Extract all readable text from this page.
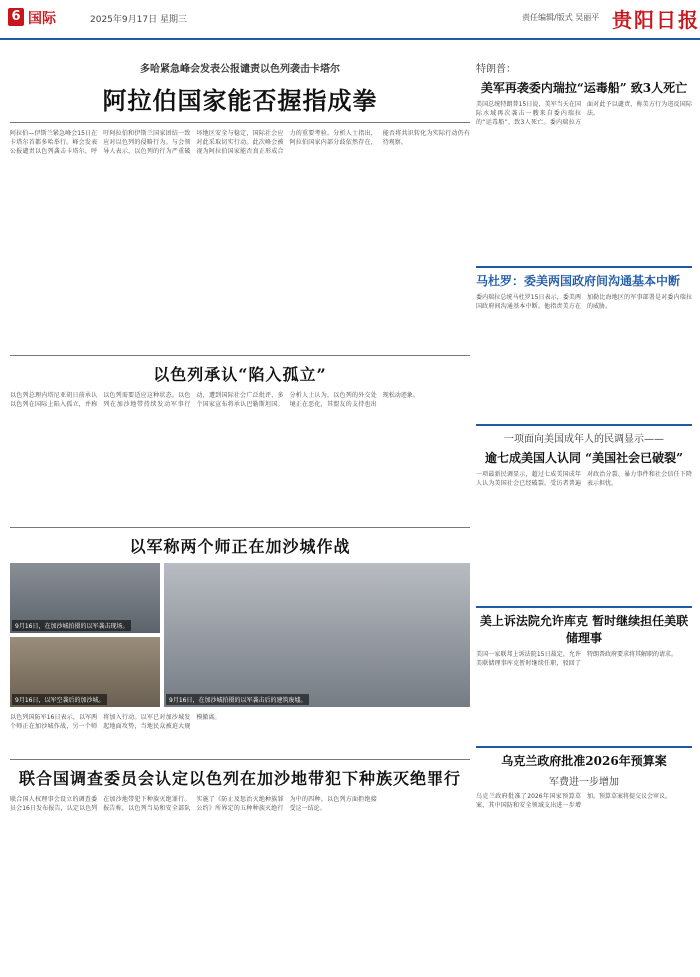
6 国际	2025年9月17日 星期三	责任编辑/版式 吴丽平 贵阳日报
多哈紧急峰会发表公报谴责以色列袭击卡塔尔
阿拉伯国家能否握指成拳
阿拉伯—伊斯兰紧急峰会15日在卡塔尔首都多哈举行。峰会发表公报谴责以色列袭击卡塔尔，呼吁阿拉伯和伊斯兰国家团结一致应对以色列的侵略行为。与会领导人表示，以色列的行为严重破坏地区安全与稳定，国际社会应对此采取切实行动。此次峰会被视为阿拉伯国家能否真正形成合力的重要考验。分析人士指出，阿拉伯国家内部分歧依然存在，能否将共识转化为实际行动仍有待观察。
以色列承认“陷入孤立”
以色列总理内塔尼亚胡日前承认以色列在国际上陷入孤立，并称以色列需要适应这种状态。以色列在加沙地带持续发动军事行动，遭到国际社会广泛批评，多个国家宣布将承认巴勒斯坦国。分析人士认为，以色列的外交处境正在恶化，其盟友的支持也出现松动迹象。
以军称两个师正在加沙城作战
9月16日，在加沙城拍摄的以军袭击现场。
9月16日，以军空袭后的加沙城。	9月16日，在加沙城拍摄的以军袭击后的建筑废墟。
以色列国防军16日表示，以军两个师正在加沙城作战，另一个师将加入行动。以军已对加沙城发起地面攻势，当地民众被迫大规模撤离。
联合国调查委员会认定以色列在加沙地带犯下种族灭绝罪行
联合国人权理事会设立的调查委员会16日发布报告，认定以色列在加沙地带犯下种族灭绝罪行。报告称，以色列当局和安全部队实施了《防止及惩治灭绝种族罪公约》所界定的五种种族灭绝行为中的四种。以色列方面拒绝接受这一结论。
特朗普：
美军再袭委内瑞拉“运毒船” 致3人死亡
美国总统特朗普15日说，美军当天在国际水域再次袭击一艘来自委内瑞拉的“运毒船”，致3人死亡。委内瑞拉方面对此予以谴责，称美方行为违反国际法。
马杜罗：委美两国政府间沟通基本中断
委内瑞拉总统马杜罗15日表示，委美两国政府间沟通基本中断。他指责美方在加勒比海地区的军事部署是对委内瑞拉的威胁。
一项面向美国成年人的民调显示——
逾七成美国人认同 “美国社会已破裂”
一项最新民调显示，超过七成美国成年人认为美国社会已经破裂。受访者普遍对政治分裂、暴力事件和社会信任下降表示担忧。
美上诉法院允许库克 暂时继续担任美联储理事
美国一家联邦上诉法院15日裁定，允许美联储理事库克暂时继续任职，驳回了特朗普政府要求将其解职的请求。
乌克兰政府批准2026年预算案
军费进一步增加
乌克兰政府批准了2026年国家预算草案，其中国防和安全领域支出进一步增加。预算草案将提交议会审议。
